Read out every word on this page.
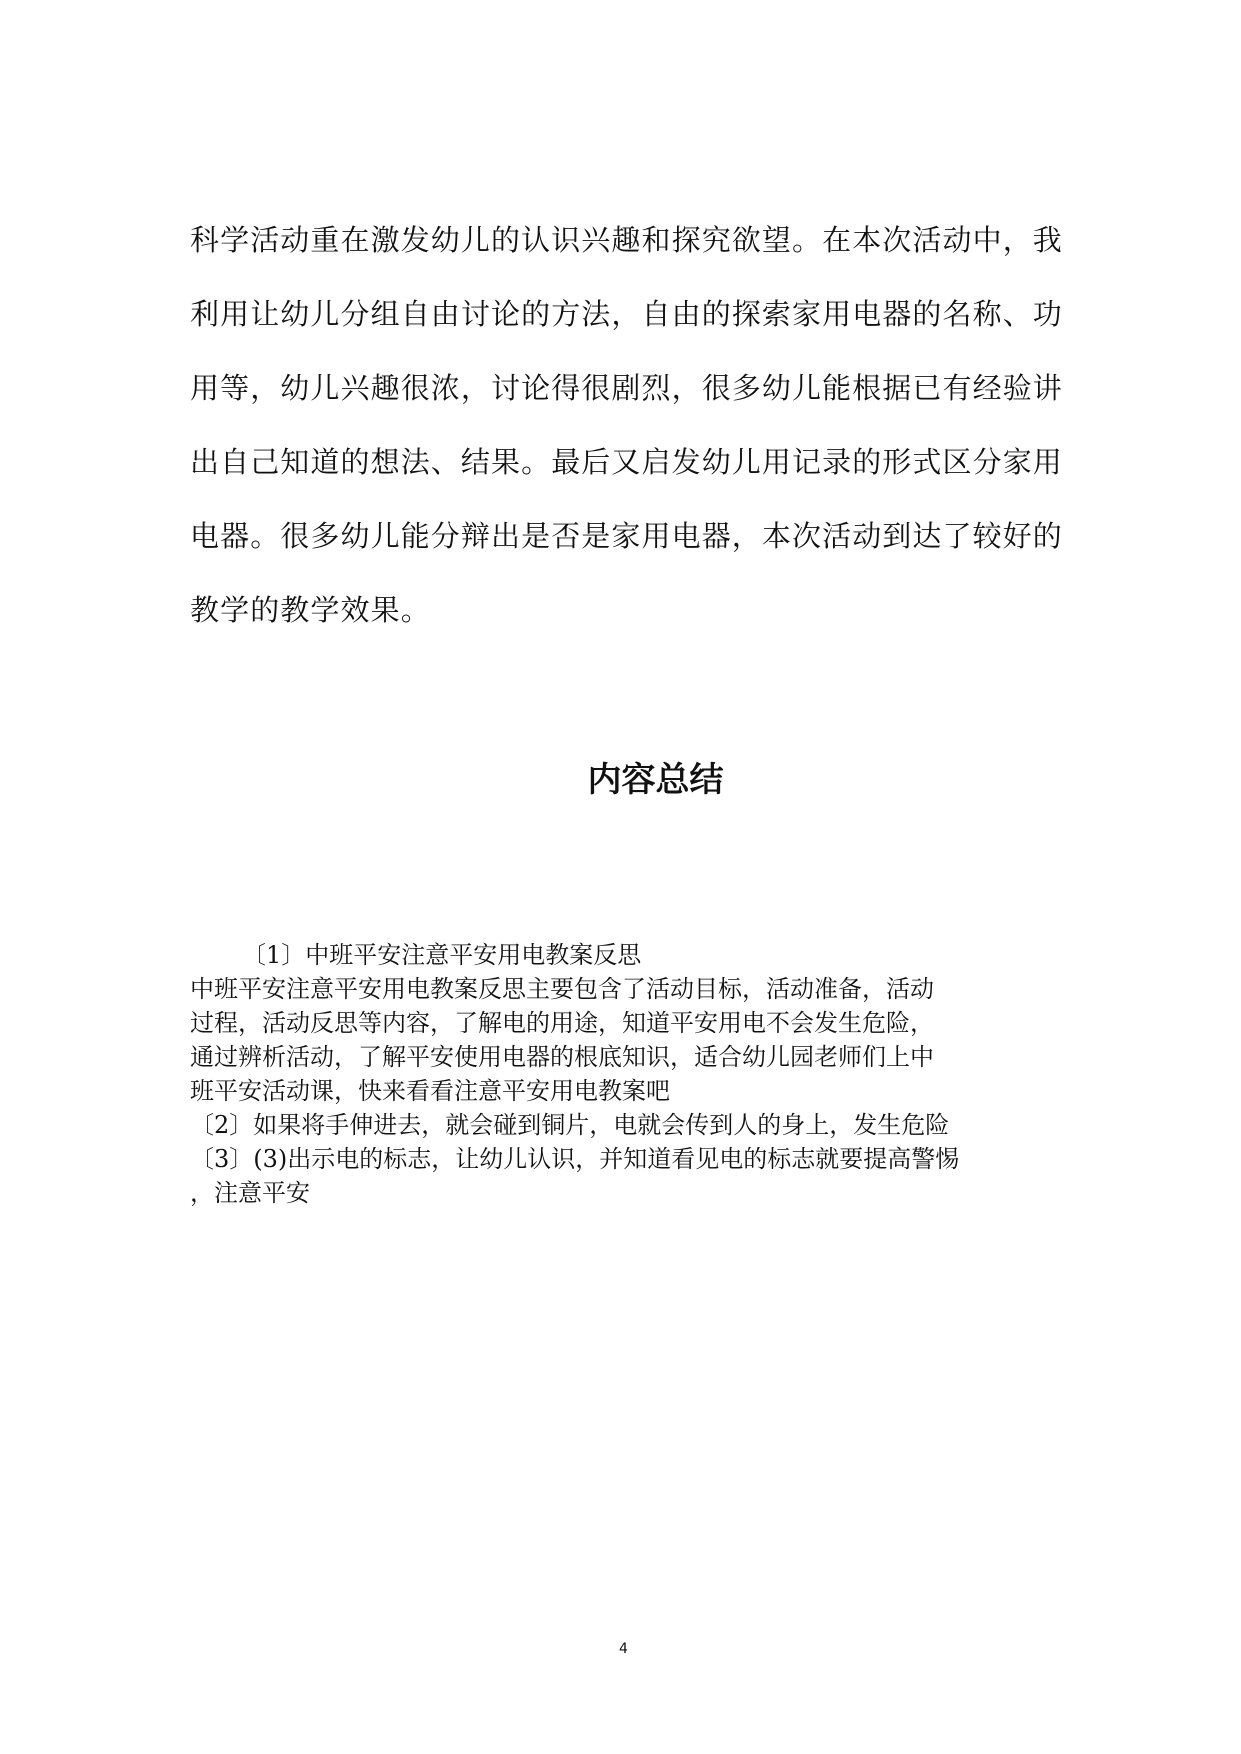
科学活动重在激发幼儿的认识兴趣和探究欲望。在本次活动中，我
利用让幼儿分组自由讨论的方法，自由的探索家用电器的名称、功
用等，幼儿兴趣很浓，讨论得很剧烈，很多幼儿能根据已有经验讲
出自己知道的想法、结果。最后又启发幼儿用记录的形式区分家用
电器。很多幼儿能分辩出是否是家用电器，本次活动到达了较好的
教学的教学效果。
内容总结
〔1〕中班平安注意平安用电教案反思
中班平安注意平安用电教案反思主要包含了活动目标，活动准备，活动
过程，活动反思等内容，了解电的用途，知道平安用电不会发生危险，
通过辨析活动，了解平安使用电器的根底知识，适合幼儿园老师们上中
班平安活动课，快来看看注意平安用电教案吧
〔2〕如果将手伸进去，就会碰到铜片，电就会传到人的身上，发生危险
〔3〕(3)出示电的标志，让幼儿认识，并知道看见电的标志就要提高警惕
，注意平安
4
